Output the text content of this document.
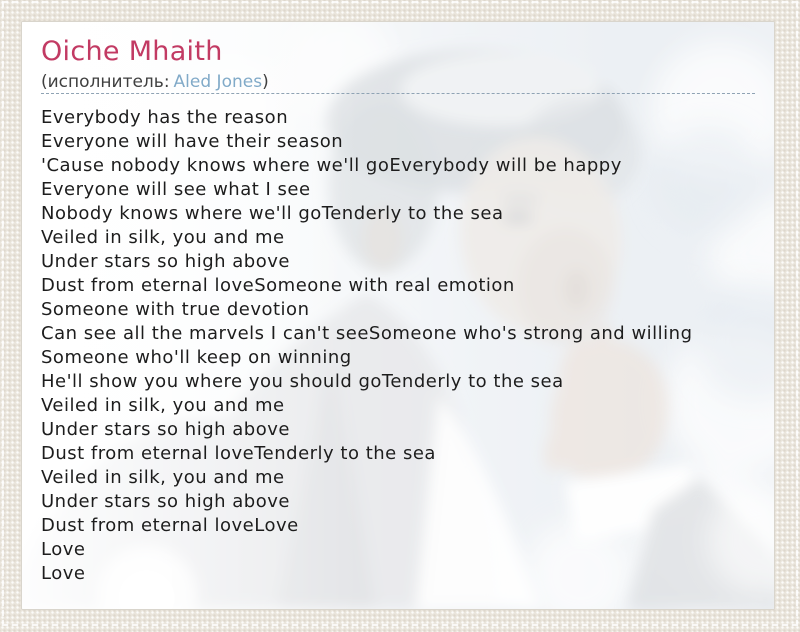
Oiche Mhaith
(исполнитель: Aled Jones)
Everybody has the reason
Everyone will have their season
'Cause nobody knows where we'll goEverybody will be happy
Everyone will see what I see
Nobody knows where we'll goTenderly to the sea
Veiled in silk, you and me
Under stars so high above
Dust from eternal loveSomeone with real emotion
Someone with true devotion
Can see all the marvels I can't seeSomeone who's strong and willing
Someone who'll keep on winning
He'll show you where you should goTenderly to the sea
Veiled in silk, you and me
Under stars so high above
Dust from eternal loveTenderly to the sea
Veiled in silk, you and me
Under stars so high above
Dust from eternal loveLove
Love
Love
